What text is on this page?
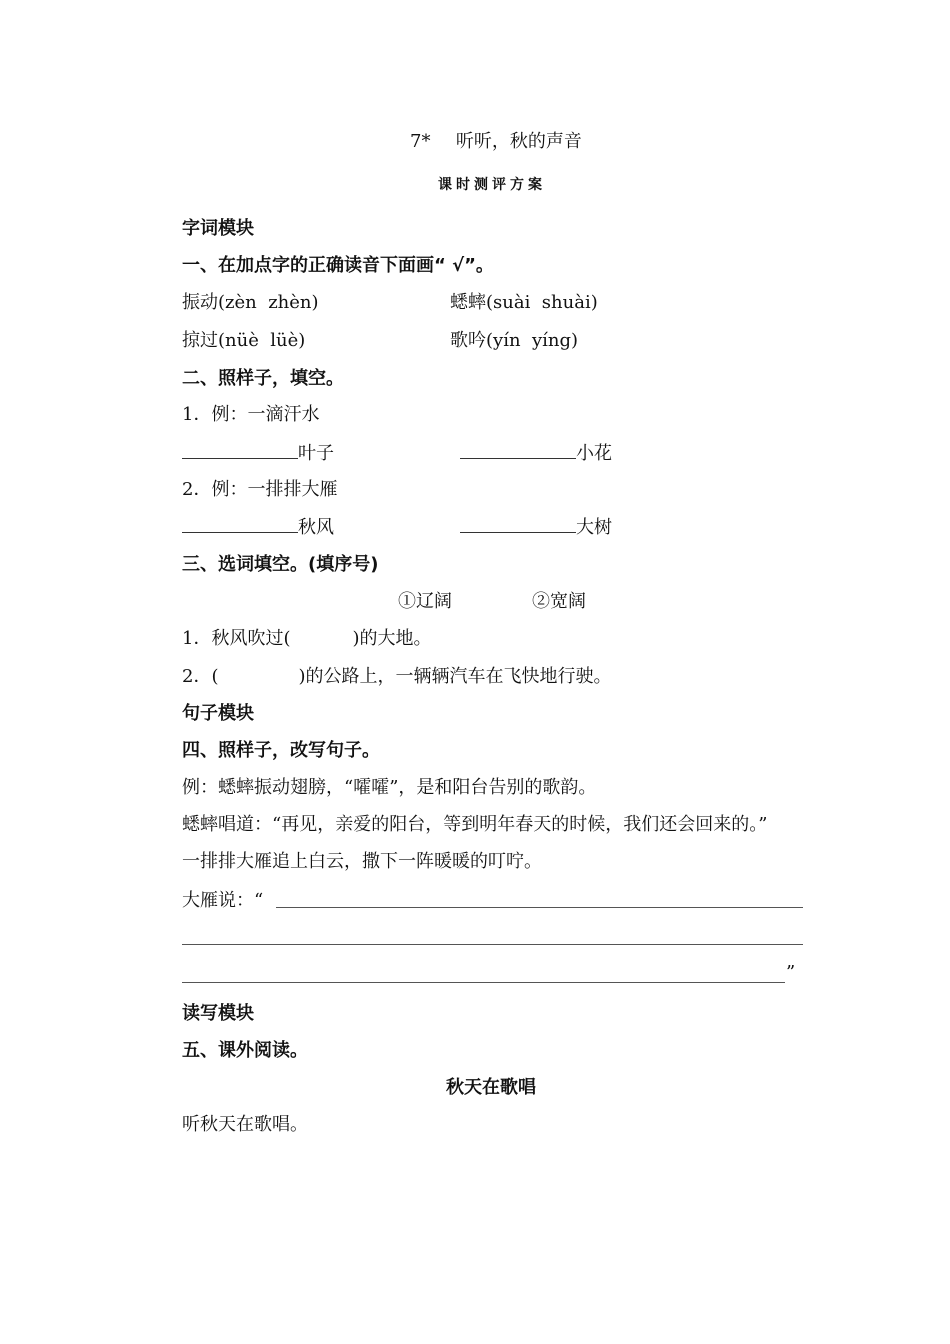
7* 听听，秋的声音
课时测评方案
字词模块
一、在加点字的正确读音下面画“ √”。
振动(zèn  zhèn)	蟋蟀(suài  shuài)
掠过(nüè  lüè)	歌吟(yín  yíng)
二、照样子，填空。
1．例：一滴汗水
叶子	小花
2．例：一排排大雁
秋风	大树
三、选词填空。(填序号)
①辽阔	②宽阔
1．秋风吹过(	)的大地。
2．(	)的公路上，一辆辆汽车在飞快地行驶。
句子模块
四、照样子，改写句子。
例：蟋蟀振动翅膀，“嚯嚯”，是和阳台告别的歌韵。
蟋蟀唱道：“再见，亲爱的阳台，等到明年春天的时候，我们还会回来的。”
一排排大雁追上白云，撒下一阵暖暖的叮咛。
大雁说：“
”
读写模块
五、课外阅读。
秋天在歌唱
听秋天在歌唱。
